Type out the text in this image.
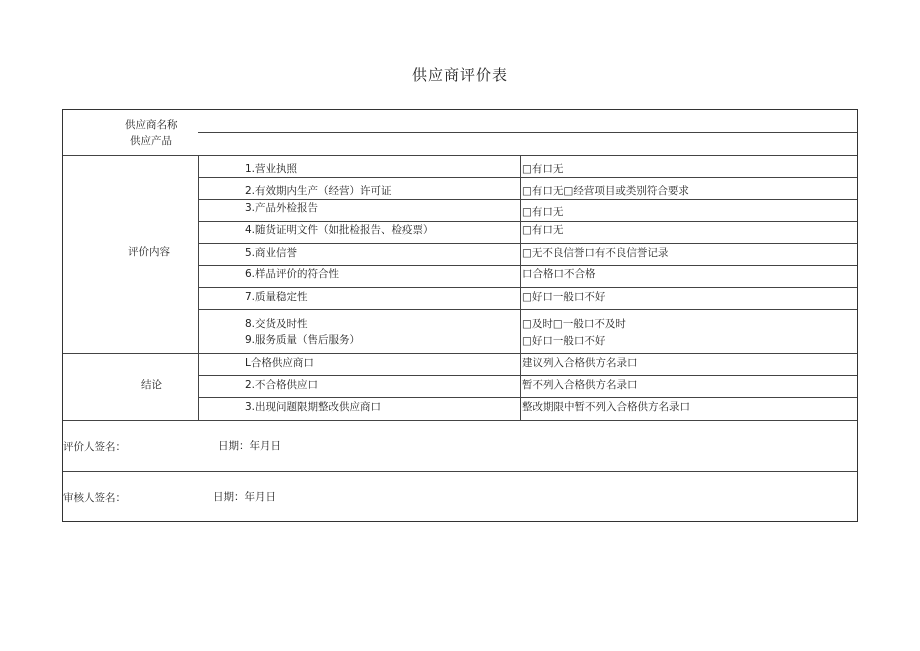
供应商评价表
供应商名称
供应产品
评价内容
1.营业执照	□有口无
2.有效期内生产（经营）许可证	□有口无□经营项目或类别符合要求
3.产品外检报告	□有口无
4.随货证明文件（如批检报告、检疫票）	□有口无
5.商业信誉	□无不良信誉口有不良信誉记录
6.样品评价的符合性	口合格口不合格
7.质量稳定性	□好口一般口不好
8.交货及时性	□及时□一般口不及时
9.服务质量（售后服务）	□好口一般口不好
结论
L合格供应商口	建议列入合格供方名录口
2.不合格供应口	暂不列入合格供方名录口
3.出现问题限期整改供应商口	整改期限中暂不列入合格供方名录口
评价人签名：	日期：年月日
审核人签名：	日期：年月日
